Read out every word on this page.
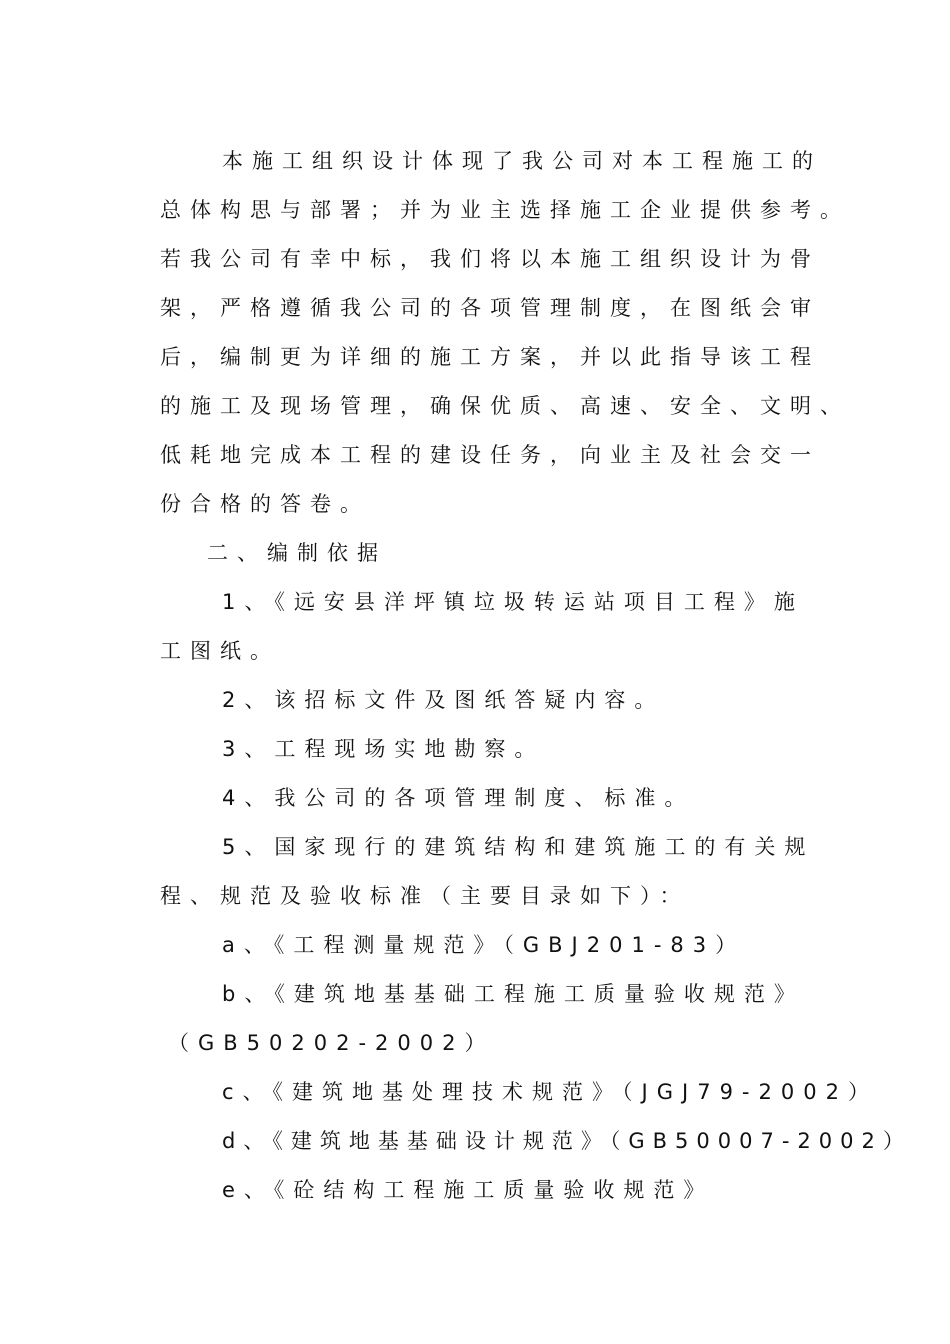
本施工组织设计体现了我公司对本工程施工的
总体构思与部署；并为业主选择施工企业提供参考。
若我公司有幸中标，我们将以本施工组织设计为骨
架，严格遵循我公司的各项管理制度，在图纸会审
后，编制更为详细的施工方案，并以此指导该工程
的施工及现场管理，确保优质、高速、安全、文明、
低耗地完成本工程的建设任务，向业主及社会交一
份合格的答卷。
二、编制依据
1、《远安县洋坪镇垃圾转运站项目工程》施
工图纸。
2、该招标文件及图纸答疑内容。
3、工程现场实地勘察。
4、我公司的各项管理制度、标准。
5、国家现行的建筑结构和建筑施工的有关规
程、规范及验收标准（主要目录如下）：
a、《工程测量规范》（GBJ201-83）
b、《建筑地基基础工程施工质量验收规范》
（GB50202-2002）
c、《建筑地基处理技术规范》（JGJ79-2002）
d、《建筑地基基础设计规范》（GB50007-2002）
e、《砼结构工程施工质量验收规范》
